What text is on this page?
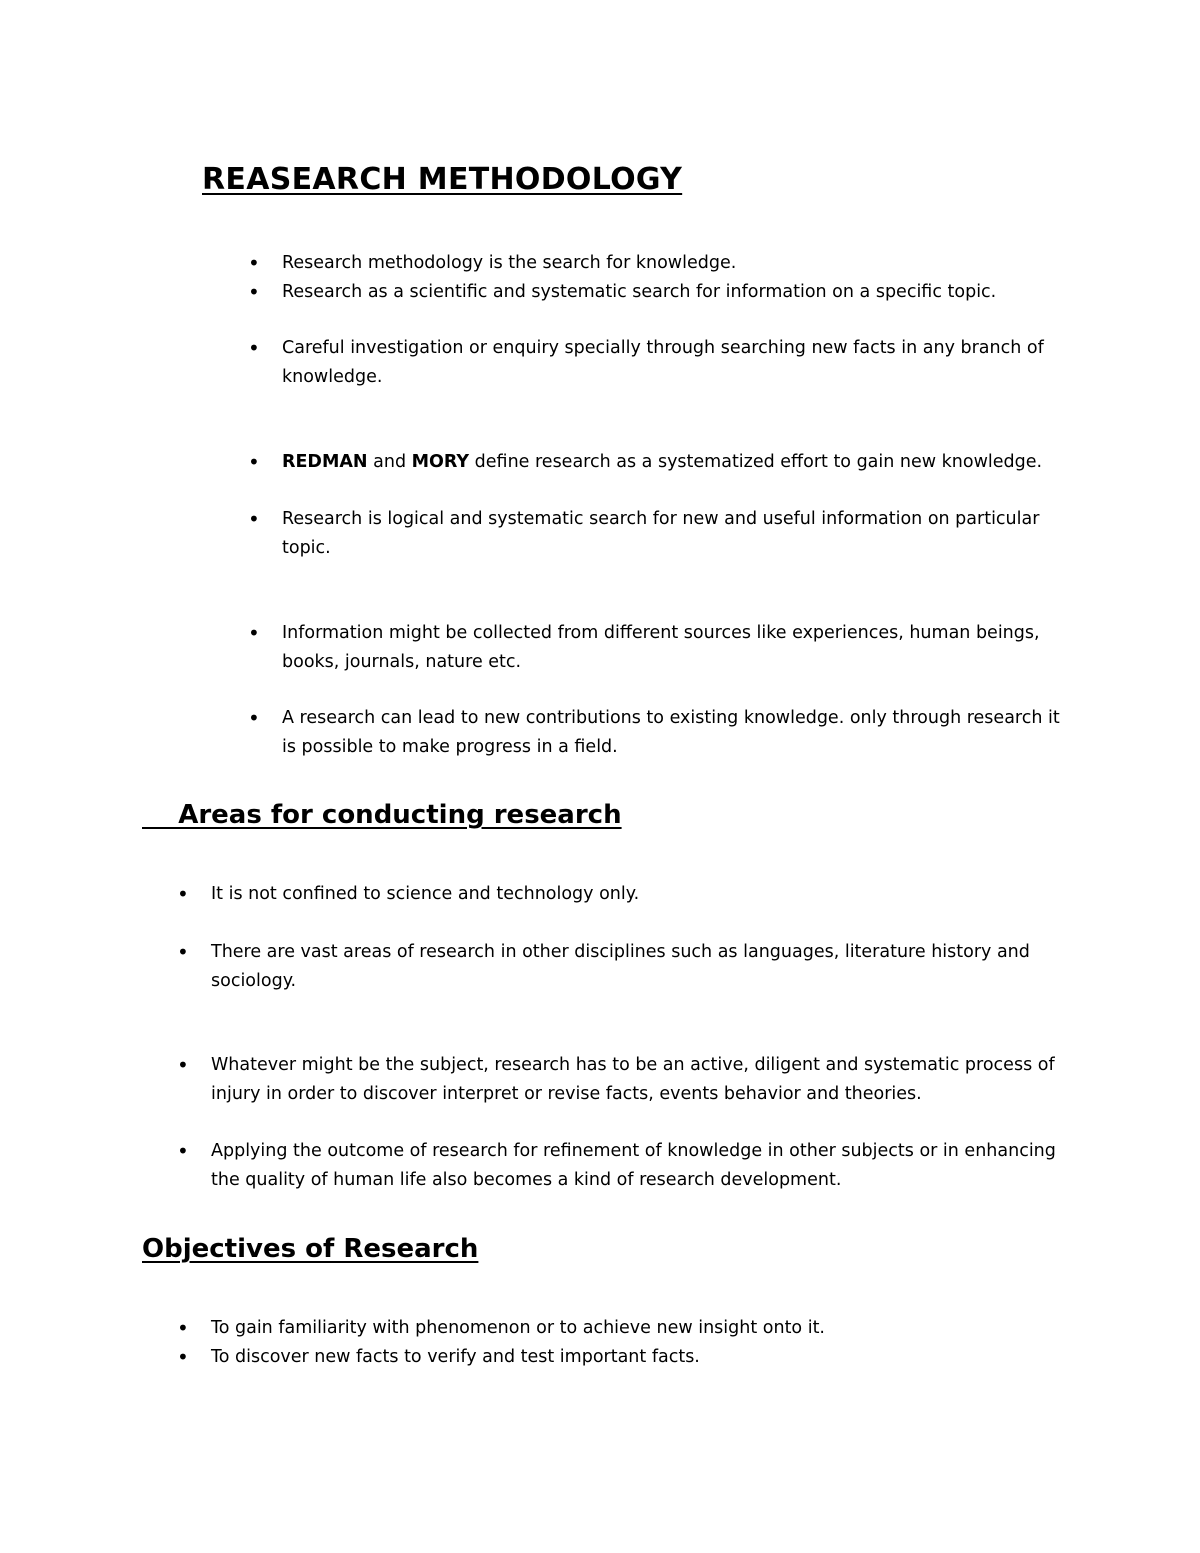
REASEARCH METHODOLOGY

• Research methodology is the search for knowledge.

• Research as a scientific and systematic search for information on a specific topic.

• Careful investigation or enquiry specially through searching new facts in any branch of knowledge.

• REDMAN and MORY define research as a systematized effort to gain new knowledge.

• Research is logical and systematic search for new and useful information on particular topic.

• Information might be collected from different sources like experiences, human beings, books, journals, nature etc.

• A research can lead to new contributions to existing knowledge. only through research it is possible to make progress in a field.

Areas for conducting research

• It is not confined to science and technology only.

• There are vast areas of research in other disciplines such as languages, literature history and sociology.

• Whatever might be the subject, research has to be an active, diligent and systematic process of injury in order to discover interpret or revise facts, events behavior and theories.

• Applying the outcome of research for refinement of knowledge in other subjects or in enhancing the quality of human life also becomes a kind of research development.

Objectives of Research

• To gain familiarity with phenomenon or to achieve new insight onto it.

• To discover new facts to verify and test important facts.
